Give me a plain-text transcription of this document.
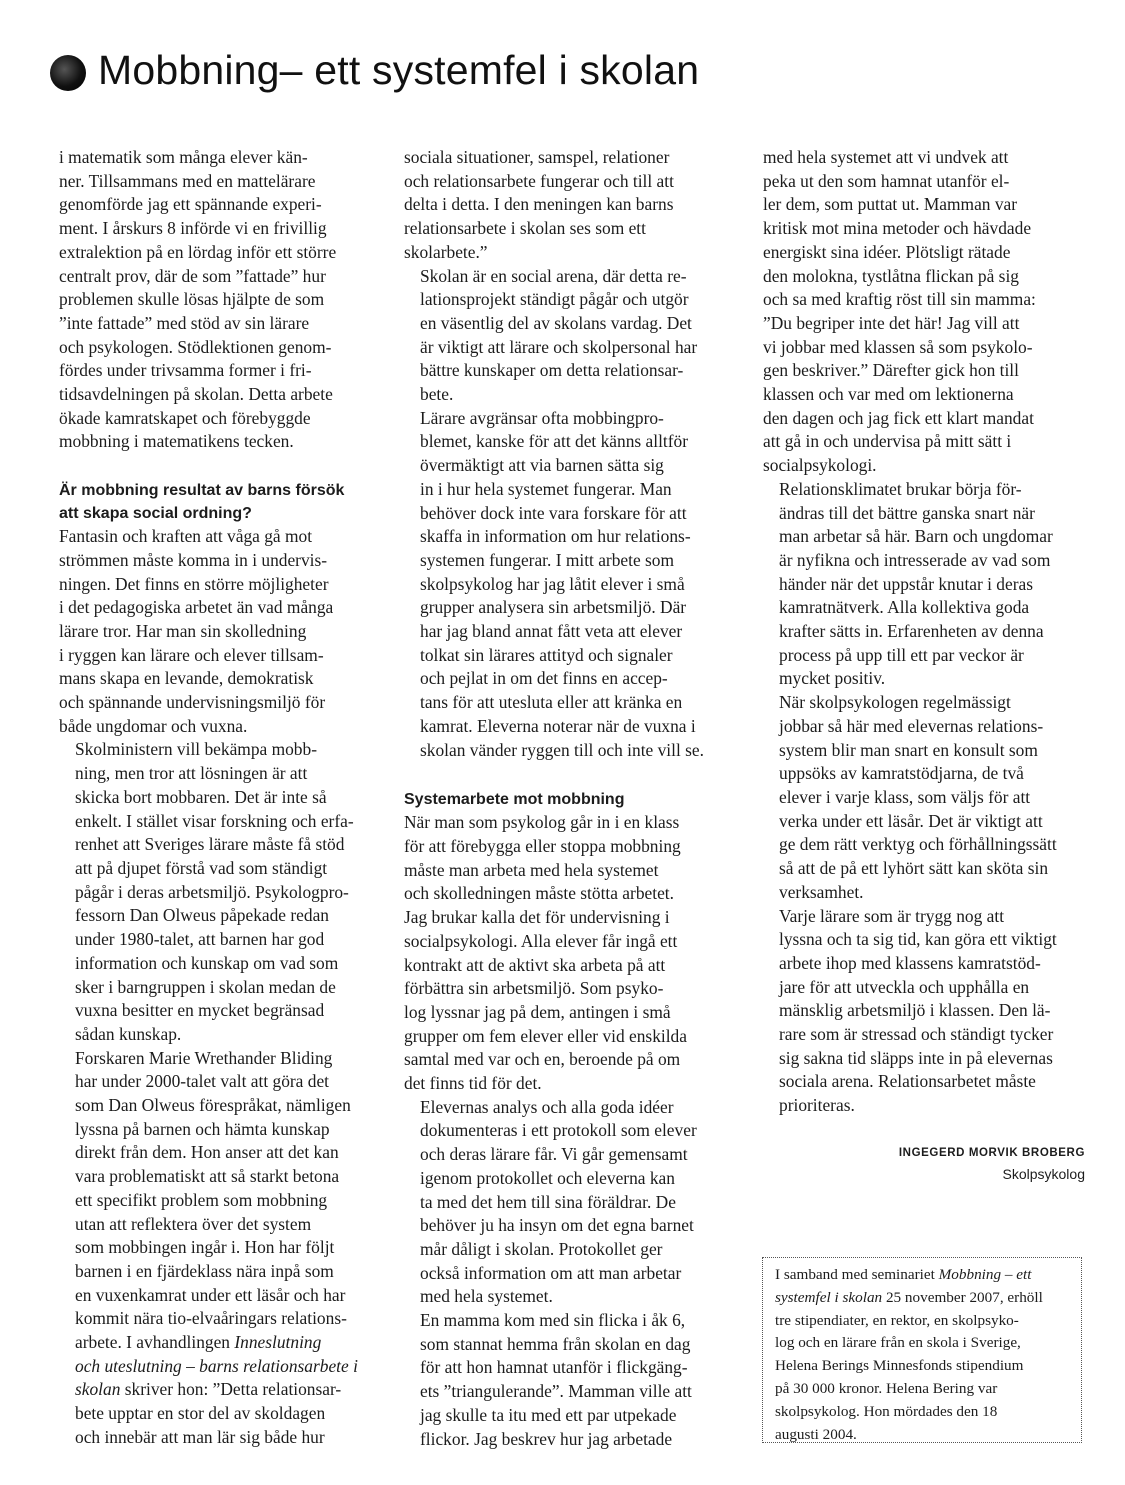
Mobbning– ett systemfel i skolan

i matematik som många elever kän-
ner. Tillsammans med en mattelärare
genomförde jag ett spännande experi-
ment. I årskurs 8 införde vi en frivillig
extralektion på en lördag inför ett större
centralt prov, där de som ”fattade” hur
problemen skulle lösas hjälpte de som
”inte fattade” med stöd av sin lärare
och psykologen. Stödlektionen genom-
fördes under trivsamma former i fri-
tidsavdelningen på skolan. Detta arbete
ökade kamratskapet och förebyggde
mobbning i matematikens tecken.

Är mobbning resultat av barns försök
att skapa social ordning?

Fantasin och kraften att våga gå mot
strömmen måste komma in i undervis-
ningen. Det finns en större möjligheter
i det pedagogiska arbetet än vad många
lärare tror. Har man sin skolledning
i ryggen kan lärare och elever tillsam-
mans skapa en levande, demokratisk
och spännande undervisningsmiljö för
både ungdomar och vuxna.

Skolministern vill bekämpa mobb-
ning, men tror att lösningen är att
skicka bort mobbaren. Det är inte så
enkelt. I stället visar forskning och erfa-
renhet att Sveriges lärare måste få stöd
att på djupet förstå vad som ständigt
pågår i deras arbetsmiljö. Psykologpro-
fessorn Dan Olweus påpekade redan
under 1980-talet, att barnen har god
information och kunskap om vad som
sker i barngruppen i skolan medan de
vuxna besitter en mycket begränsad
sådan kunskap.

Forskaren Marie Wrethander Bliding
har under 2000-talet valt att göra det
som Dan Olweus förespråkat, nämligen
lyssna på barnen och hämta kunskap
direkt från dem. Hon anser att det kan
vara problematiskt att så starkt betona
ett specifikt problem som mobbning
utan att reflektera över det system
som mobbingen ingår i. Hon har följt
barnen i en fjärdeklass nära inpå som
en vuxenkamrat under ett läsår och har
kommit nära tio-elvaåringars relations-
arbete. I avhandlingen Inneslutning
och uteslutning – barns relationsarbete i
skolan skriver hon: ”Detta relationsar-
bete upptar en stor del av skoldagen
och innebär att man lär sig både hur

sociala situationer, samspel, relationer
och relationsarbete fungerar och till att
delta i detta. I den meningen kan barns
relationsarbete i skolan ses som ett
skolarbete.”

Skolan är en social arena, där detta re-
lationsprojekt ständigt pågår och utgör
en väsentlig del av skolans vardag. Det
är viktigt att lärare och skolpersonal har
bättre kunskaper om detta relationsar-
bete.

Lärare avgränsar ofta mobbingpro-
blemet, kanske för att det känns alltför
övermäktigt att via barnen sätta sig
in i hur hela systemet fungerar. Man
behöver dock inte vara forskare för att
skaffa in information om hur relations-
systemen fungerar. I mitt arbete som
skolpsykolog har jag låtit elever i små
grupper analysera sin arbetsmiljö. Där
har jag bland annat fått veta att elever
tolkat sin lärares attityd och signaler
och pejlat in om det finns en accep-
tans för att utesluta eller att kränka en
kamrat. Eleverna noterar när de vuxna i
skolan vänder ryggen till och inte vill se.

Systemarbete mot mobbning

När man som psykolog går in i en klass
för att förebygga eller stoppa mobbning
måste man arbeta med hela systemet
och skolledningen måste stötta arbetet.
Jag brukar kalla det för undervisning i
socialpsykologi. Alla elever får ingå ett
kontrakt att de aktivt ska arbeta på att
förbättra sin arbetsmiljö. Som psyko-
log lyssnar jag på dem, antingen i små
grupper om fem elever eller vid enskilda
samtal med var och en, beroende på om
det finns tid för det.

Elevernas analys och alla goda idéer
dokumenteras i ett protokoll som elever
och deras lärare får. Vi går gemensamt
igenom protokollet och eleverna kan
ta med det hem till sina föräldrar. De
behöver ju ha insyn om det egna barnet
mår dåligt i skolan. Protokollet ger
också information om att man arbetar
med hela systemet.

En mamma kom med sin flicka i åk 6,
som stannat hemma från skolan en dag
för att hon hamnat utanför i flickgäng-
ets ”triangulerande”. Mamman ville att
jag skulle ta itu med ett par utpekade
flickor. Jag beskrev hur jag arbetade

med hela systemet att vi undvek att
peka ut den som hamnat utanför el-
ler dem, som puttat ut. Mamman var
kritisk mot mina metoder och hävdade
energiskt sina idéer. Plötsligt rätade
den molokna, tystlåtna flickan på sig
och sa med kraftig röst till sin mamma:
”Du begriper inte det här! Jag vill att
vi jobbar med klassen så som psykolo-
gen beskriver.” Därefter gick hon till
klassen och var med om lektionerna
den dagen och jag fick ett klart mandat
att gå in och undervisa på mitt sätt i
socialpsykologi.

Relationsklimatet brukar börja för-
ändras till det bättre ganska snart när
man arbetar så här. Barn och ungdomar
är nyfikna och intresserade av vad som
händer när det uppstår knutar i deras
kamratnätverk. Alla kollektiva goda
krafter sätts in. Erfarenheten av denna
process på upp till ett par veckor är
mycket positiv.

När skolpsykologen regelmässigt
jobbar så här med elevernas relations-
system blir man snart en konsult som
uppsöks av kamratstödjarna, de två
elever i varje klass, som väljs för att
verka under ett läsår. Det är viktigt att
ge dem rätt verktyg och förhållningssätt
så att de på ett lyhört sätt kan sköta sin
verksamhet.

Varje lärare som är trygg nog att
lyssna och ta sig tid, kan göra ett viktigt
arbete ihop med klassens kamratstöd-
jare för att utveckla och upphålla en
mänsklig arbetsmiljö i klassen. Den lä-
rare som är stressad och ständigt tycker
sig sakna tid släpps inte in på elevernas
sociala arena. Relationsarbetet måste
prioriteras.

INGEGERD MORVIK BROBERG
Skolpsykolog
I samband med seminariet Mobbning – ett
systemfel i skolan 25 november 2007, erhöll
tre stipendiater, en rektor, en skolpsyko-
log och en lärare från en skola i Sverige,
Helena Berings Minnesfonds stipendium
på 30 000 kronor. Helena Bering var
skolpsykolog. Hon mördades den 18
augusti 2004.
